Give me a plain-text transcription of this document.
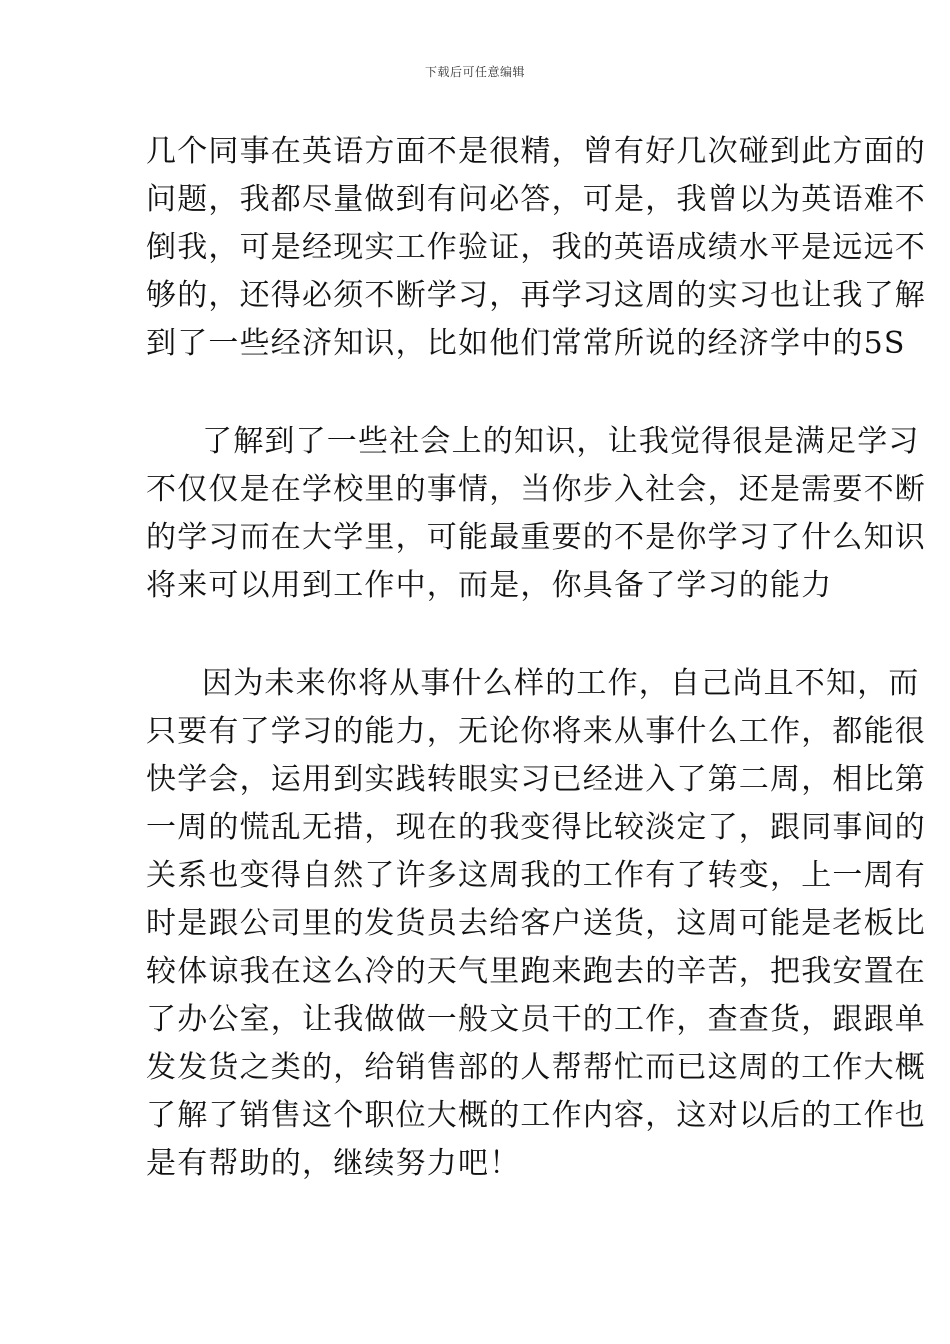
下载后可任意编辑
几个同事在英语方面不是很精，曾有好几次碰到此方面的
问题，我都尽量做到有问必答，可是，我曾以为英语难不
倒我，可是经现实工作验证，我的英语成绩水平是远远不
够的，还得必须不断学习，再学习这周的实习也让我了解
到了一些经济知识，比如他们常常所说的经济学中的5S
了解到了一些社会上的知识，让我觉得很是满足学习
不仅仅是在学校里的事情，当你步入社会，还是需要不断
的学习而在大学里，可能最重要的不是你学习了什么知识
将来可以用到工作中，而是，你具备了学习的能力
因为未来你将从事什么样的工作，自己尚且不知，而
只要有了学习的能力，无论你将来从事什么工作，都能很
快学会，运用到实践转眼实习已经进入了第二周，相比第
一周的慌乱无措，现在的我变得比较淡定了，跟同事间的
关系也变得自然了许多这周我的工作有了转变，上一周有
时是跟公司里的发货员去给客户送货，这周可能是老板比
较体谅我在这么冷的天气里跑来跑去的辛苦，把我安置在
了办公室，让我做做一般文员干的工作，查查货，跟跟单
发发货之类的，给销售部的人帮帮忙而已这周的工作大概
了解了销售这个职位大概的工作内容，这对以后的工作也
是有帮助的，继续努力吧！
